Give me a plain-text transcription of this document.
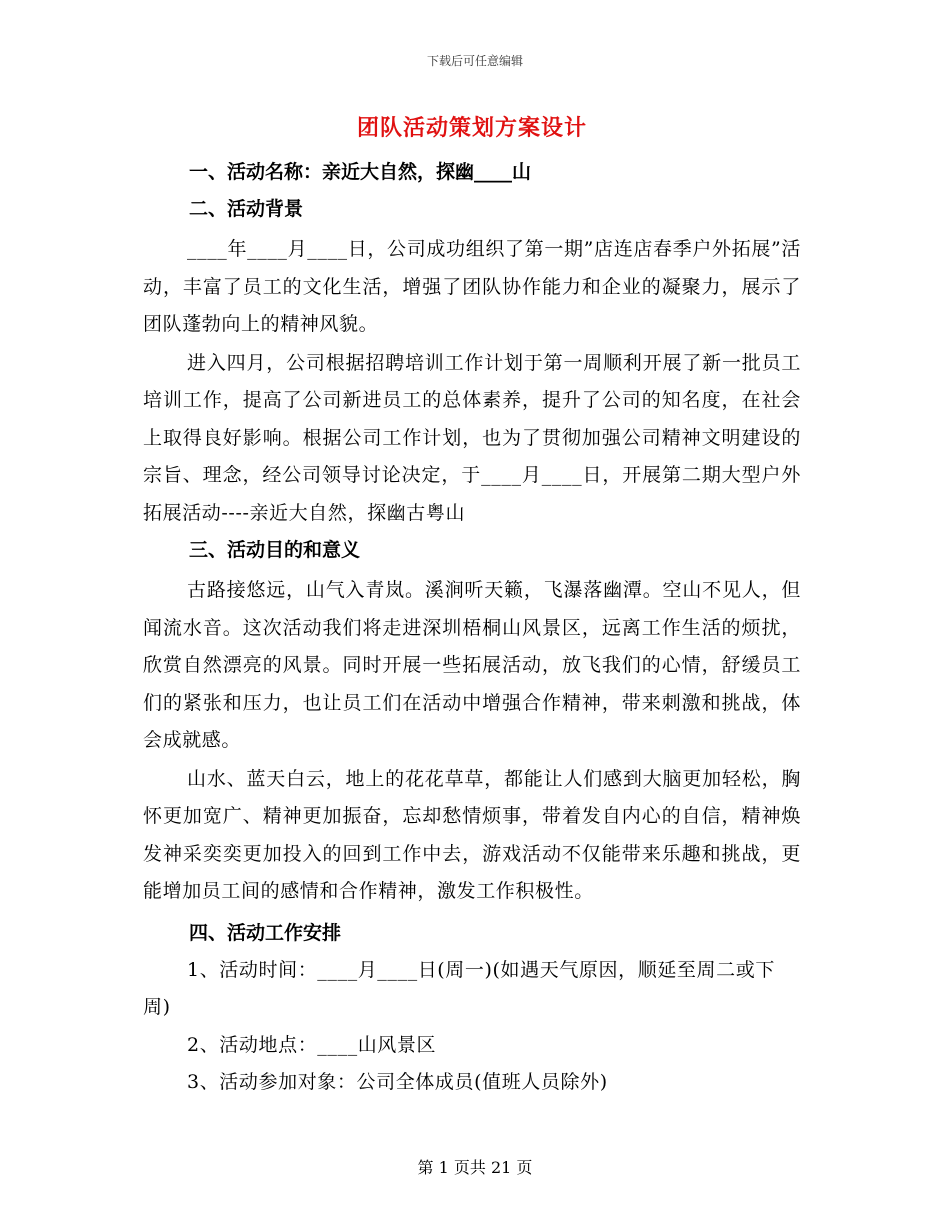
下载后可任意编辑
团队活动策划方案设计

一、活动名称：亲近大自然，探幽____山

二、活动背景

____年____月____日，公司成功组织了第一期”店连店春季户外拓展”活动，丰富了员工的文化生活，增强了团队协作能力和企业的凝聚力，展示了团队蓬勃向上的精神风貌。

进入四月，公司根据招聘培训工作计划于第一周顺利开展了新一批员工培训工作，提高了公司新进员工的总体素养，提升了公司的知名度，在社会上取得良好影响。根据公司工作计划，也为了贯彻加强公司精神文明建设的宗旨、理念，经公司领导讨论决定，于____月____日，开展第二期大型户外拓展活动----亲近大自然，探幽古粤山

三、活动目的和意义

古路接悠远，山气入青岚。溪涧听天籁，飞瀑落幽潭。空山不见人，但闻流水音。这次活动我们将走进深圳梧桐山风景区，远离工作生活的烦扰，欣赏自然漂亮的风景。同时开展一些拓展活动，放飞我们的心情，舒缓员工们的紧张和压力，也让员工们在活动中增强合作精神，带来刺激和挑战，体会成就感。

山水、蓝天白云，地上的花花草草，都能让人们感到大脑更加轻松，胸怀更加宽广、精神更加振奋，忘却愁情烦事，带着发自内心的自信，精神焕发神采奕奕更加投入的回到工作中去，游戏活动不仅能带来乐趣和挑战，更能增加员工间的感情和合作精神，激发工作积极性。

四、活动工作安排

1、活动时间：____月____日(周一)(如遇天气原因，顺延至周二或下周)

2、活动地点：____山风景区

3、活动参加对象：公司全体成员(值班人员除外)

第 1 页共 21 页
